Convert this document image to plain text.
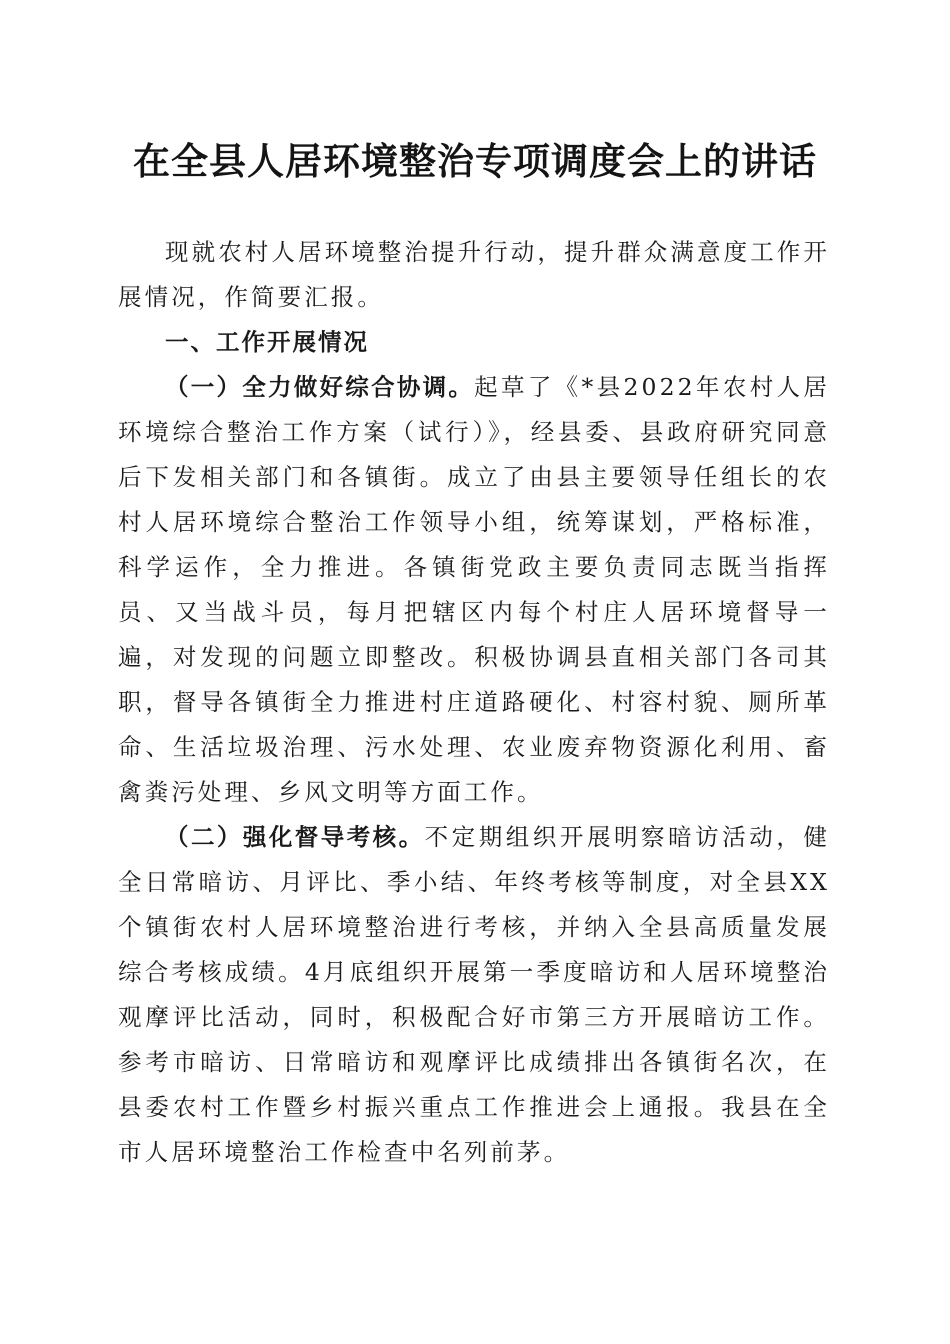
在全县人居环境整治专项调度会上的讲话

现就农村人居环境整治提升行动，提升群众满意度工作开展情况，作简要汇报。

一、工作开展情况

（一）全力做好综合协调。起草了《*县2022年农村人居环境综合整治工作方案（试行）》，经县委、县政府研究同意后下发相关部门和各镇街。成立了由县主要领导任组长的农村人居环境综合整治工作领导小组，统筹谋划，严格标准，科学运作，全力推进。各镇街党政主要负责同志既当指挥员、又当战斗员，每月把辖区内每个村庄人居环境督导一遍，对发现的问题立即整改。积极协调县直相关部门各司其职，督导各镇街全力推进村庄道路硬化、村容村貌、厕所革命、生活垃圾治理、污水处理、农业废弃物资源化利用、畜禽粪污处理、乡风文明等方面工作。

（二）强化督导考核。不定期组织开展明察暗访活动，健全日常暗访、月评比、季小结、年终考核等制度，对全县XX个镇街农村人居环境整治进行考核，并纳入全县高质量发展综合考核成绩。4月底组织开展第一季度暗访和人居环境整治观摩评比活动，同时，积极配合好市第三方开展暗访工作。参考市暗访、日常暗访和观摩评比成绩排出各镇街名次，在县委农村工作暨乡村振兴重点工作推进会上通报。我县在全市人居环境整治工作检查中名列前茅。
